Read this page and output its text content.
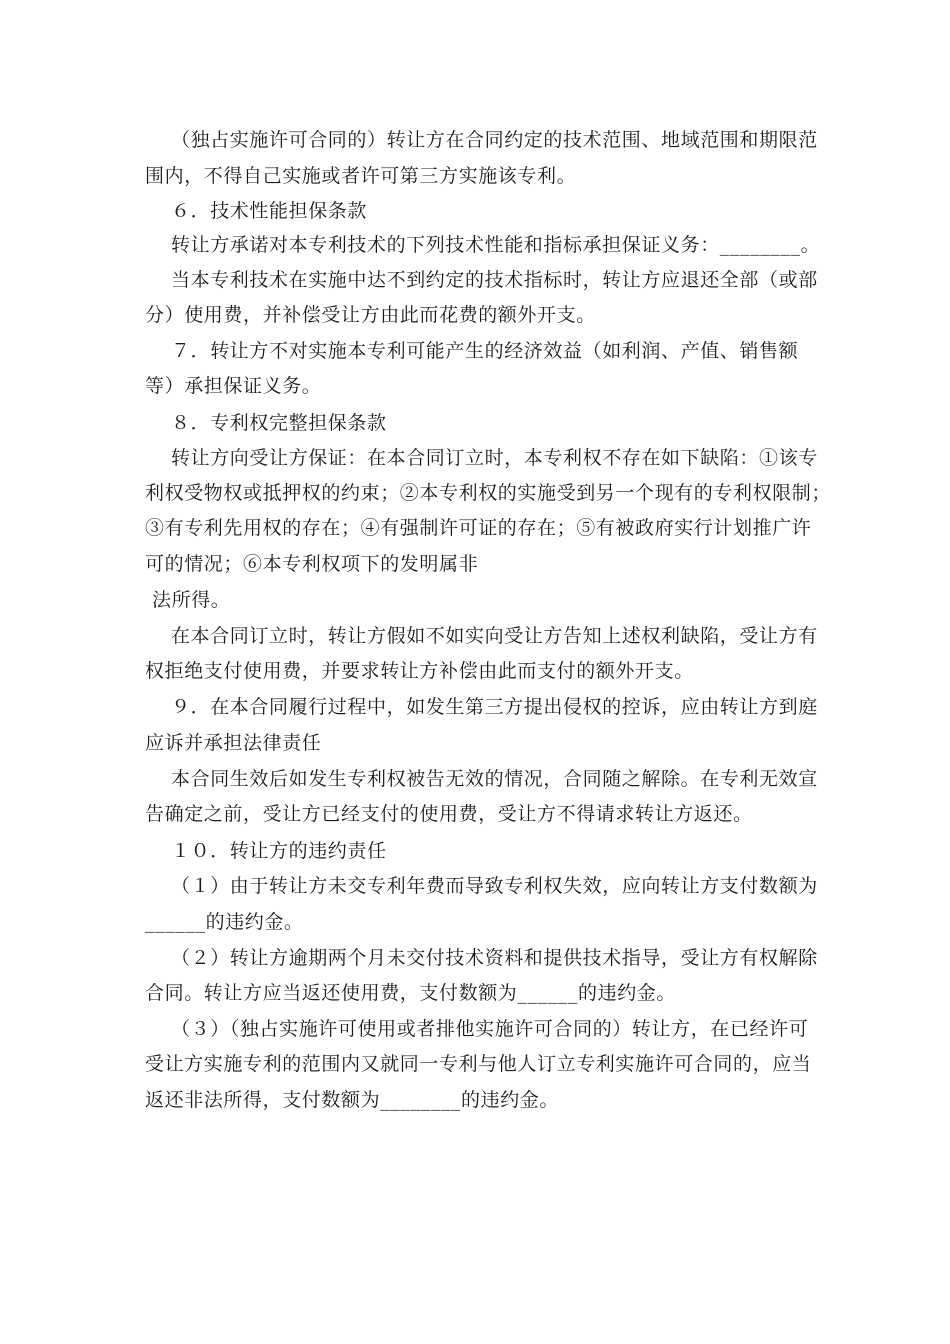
（独占实施许可合同的）转让方在合同约定的技术范围、地域范围和期限范
围内，不得自己实施或者许可第三方实施该专利。
６．技术性能担保条款
转让方承诺对本专利技术的下列技术性能和指标承担保证义务：________。
当本专利技术在实施中达不到约定的技术指标时，转让方应退还全部（或部
分）使用费，并补偿受让方由此而花费的额外开支。
７．转让方不对实施本专利可能产生的经济效益（如利润、产值、销售额
等）承担保证义务。
８．专利权完整担保条款
转让方向受让方保证：在本合同订立时，本专利权不存在如下缺陷：①该专
利权受物权或抵押权的约束；②本专利权的实施受到另一个现有的专利权限制；
③有专利先用权的存在；④有强制许可证的存在；⑤有被政府实行计划推广许
可的情况；⑥本专利权项下的发明属非
法所得。
在本合同订立时，转让方假如不如实向受让方告知上述权利缺陷，受让方有
权拒绝支付使用费，并要求转让方补偿由此而支付的额外开支。
９．在本合同履行过程中，如发生第三方提出侵权的控诉，应由转让方到庭
应诉并承担法律责任
本合同生效后如发生专利权被告无效的情况，合同随之解除。在专利无效宣
告确定之前，受让方已经支付的使用费，受让方不得请求转让方返还。
１０．转让方的违约责任
（１）由于转让方未交专利年费而导致专利权失效，应向转让方支付数额为
______的违约金。
（２）转让方逾期两个月未交付技术资料和提供技术指导，受让方有权解除
合同。转让方应当返还使用费，支付数额为______的违约金。
（３）（独占实施许可使用或者排他实施许可合同的）转让方，在已经许可
受让方实施专利的范围内又就同一专利与他人订立专利实施许可合同的，应当
返还非法所得，支付数额为________的违约金。
